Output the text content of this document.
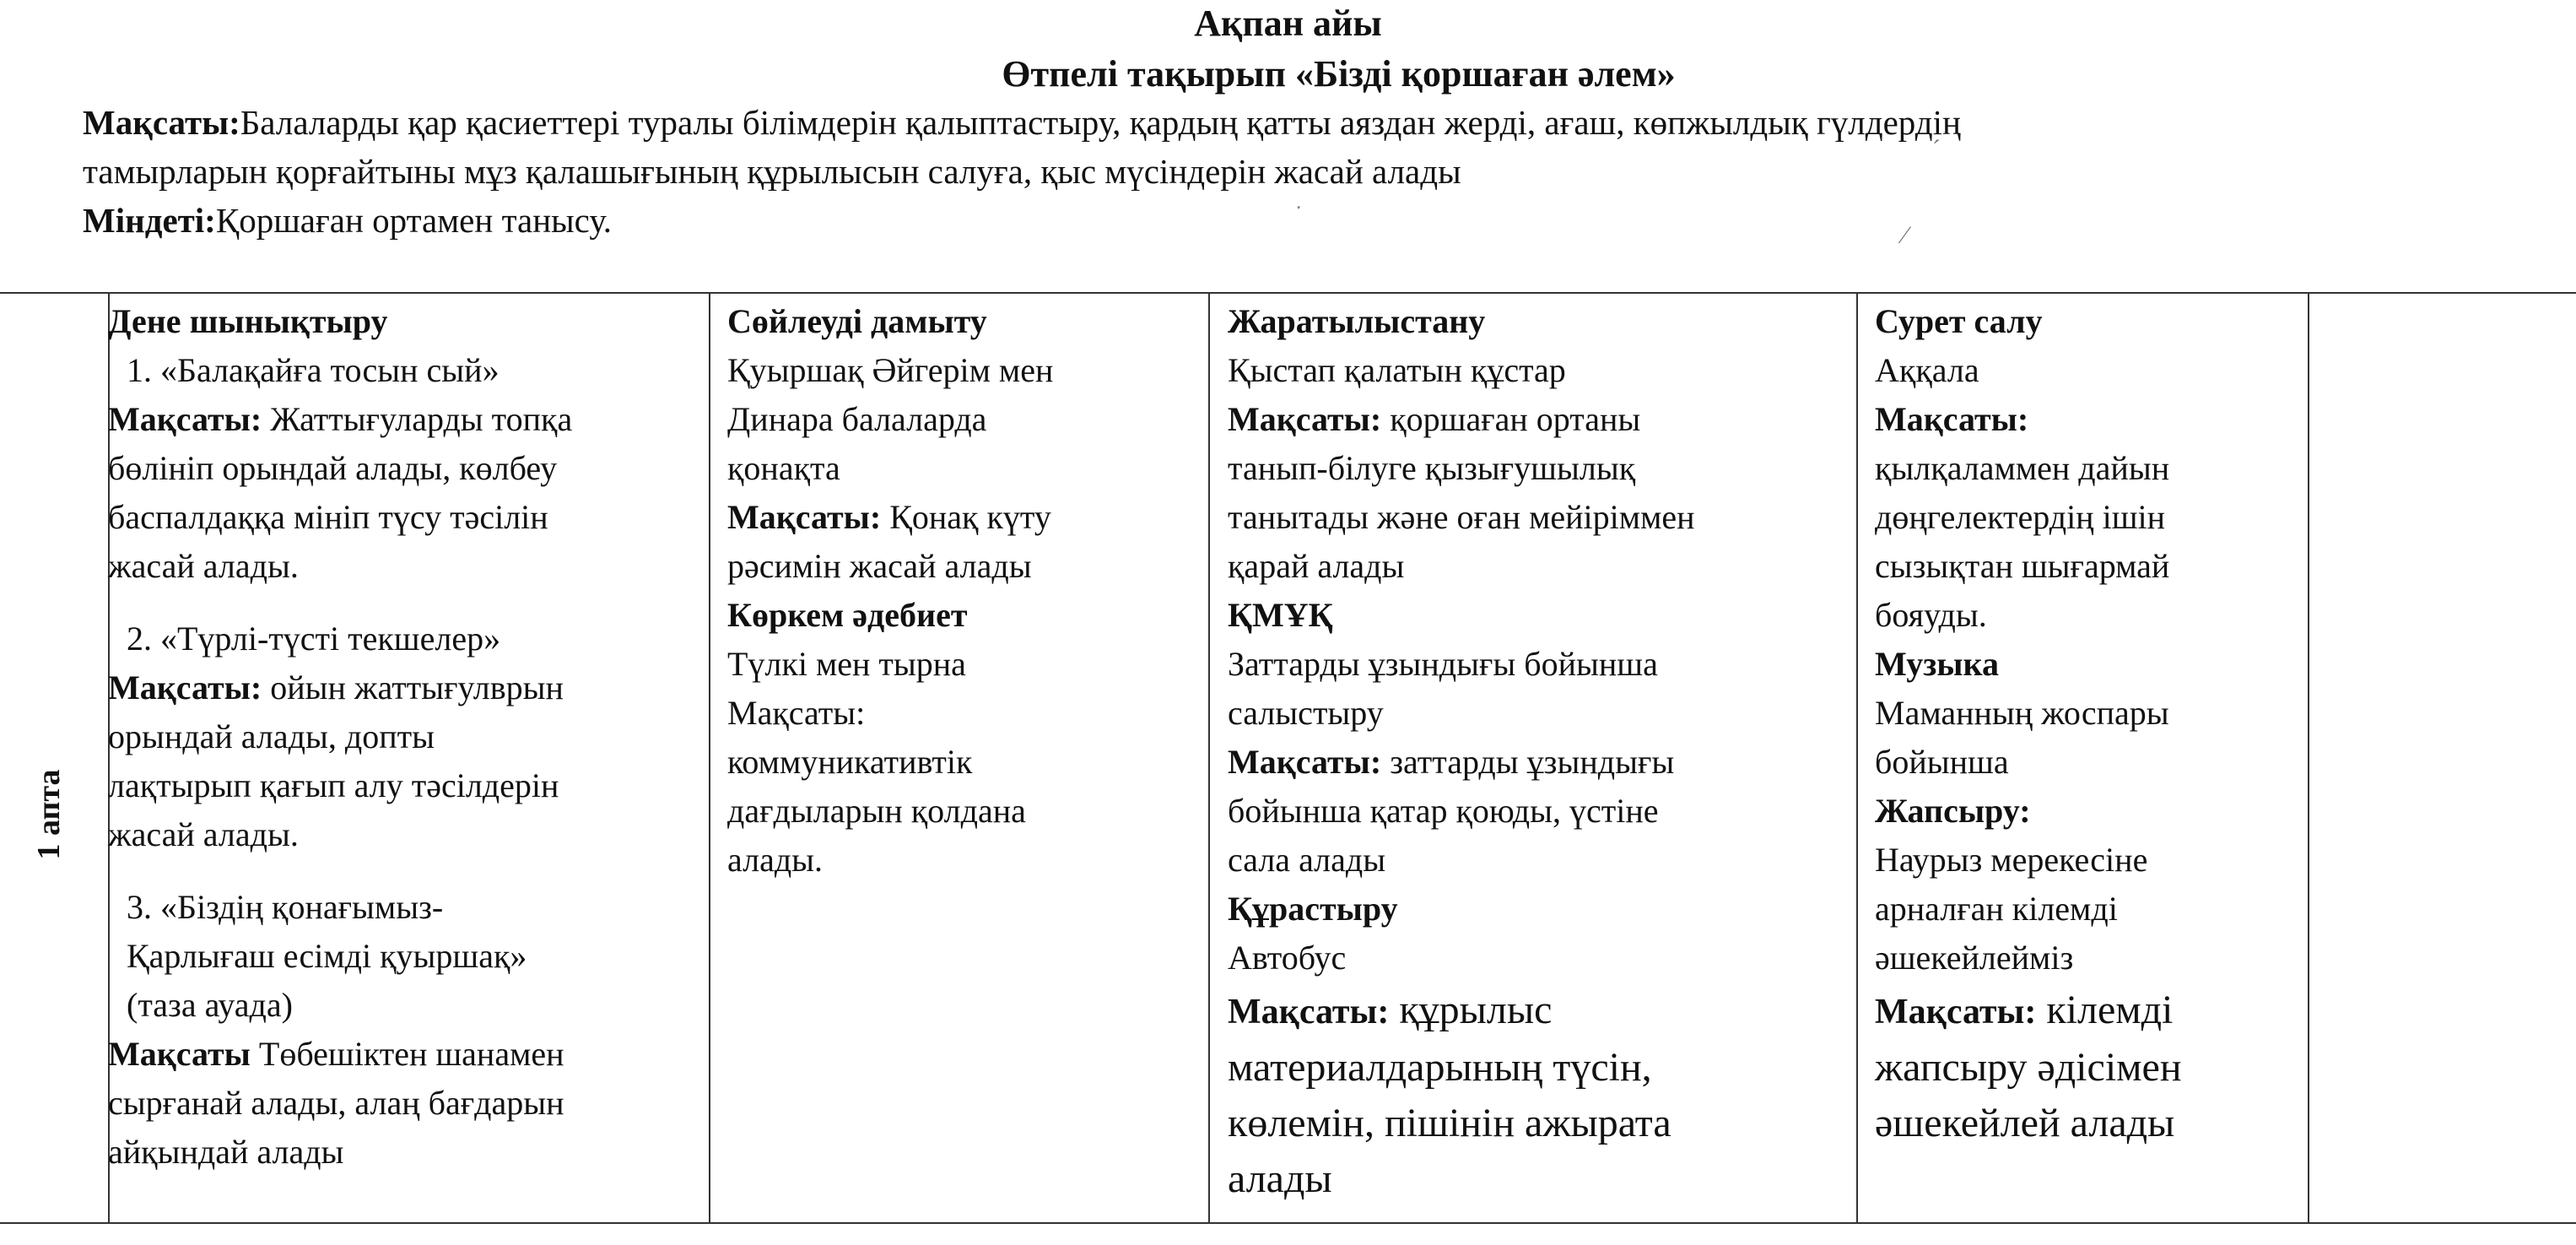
Ақпан айы
Өтпелі тақырып «Бізді қоршаған әлем»
Мақсаты:Балаларды қар қасиеттері туралы білімдерін қалыптастыру, қардың қатты аяздан жерді, ағаш, көпжылдық гүлдердің
тамырларын қорғайтыны мұз қалашығының құрылысын салуға, қыс мүсіндерін жасай алады
Міндеті:Қоршаған ортамен танысу.
ˊ
ˑ
⁄
1 апта
Дене шынықтыру
1. «Балақайға тосын сый»
Мақсаты: Жаттығуларды топқа
бөлініп орындай алады, көлбеу
баспалдаққа мініп түсу тәсілін
жасай алады.
2. «Түрлі-түсті текшелер»
Мақсаты: ойын жаттығулврын
орындай алады, допты
лақтырып қағып алу тәсілдерін
жасай алады.
3. «Біздің қонағымыз-
Қарлығаш есімді қуыршақ»
(таза ауада)
Мақсаты Төбешіктен шанамен
сырғанай алады, алаң бағдарын
айқындай алады
Сөйлеуді дамыту
Қуыршақ Әйгерім мен
Динара балаларда
қонақта
Мақсаты: Қонақ күту
рәсимін жасай алады
Көркем әдебиет
Түлкі мен тырна
Мақсаты:
коммуникативтік
дағдыларын қолдана
алады.
Жаратылыстану
Қыстап қалатын құстар
Мақсаты: қоршаған ортаны
танып-білуге қызығушылық
танытады және оған мейіріммен
қарай алады
ҚМҰҚ
Заттарды ұзындығы бойынша
салыстыру
Мақсаты: заттарды ұзындығы
бойынша қатар қоюды, үстіне
сала алады
Құрастыру
Автобус
Мақсаты: құрылыс
материалдарының түсін,
көлемін, пішінін ажырата
алады
Сурет салу
Аққала
Мақсаты:
қылқаламмен дайын
дөңгелектердің ішін
сызықтан шығармай
бояуды.
Музыка
Маманның жоспары
бойынша
Жапсыру:
Наурыз мерекесіне
арналған кілемді
әшекейлейміз
Мақсаты: кілемді
жапсыру әдісімен
әшекейлей алады
